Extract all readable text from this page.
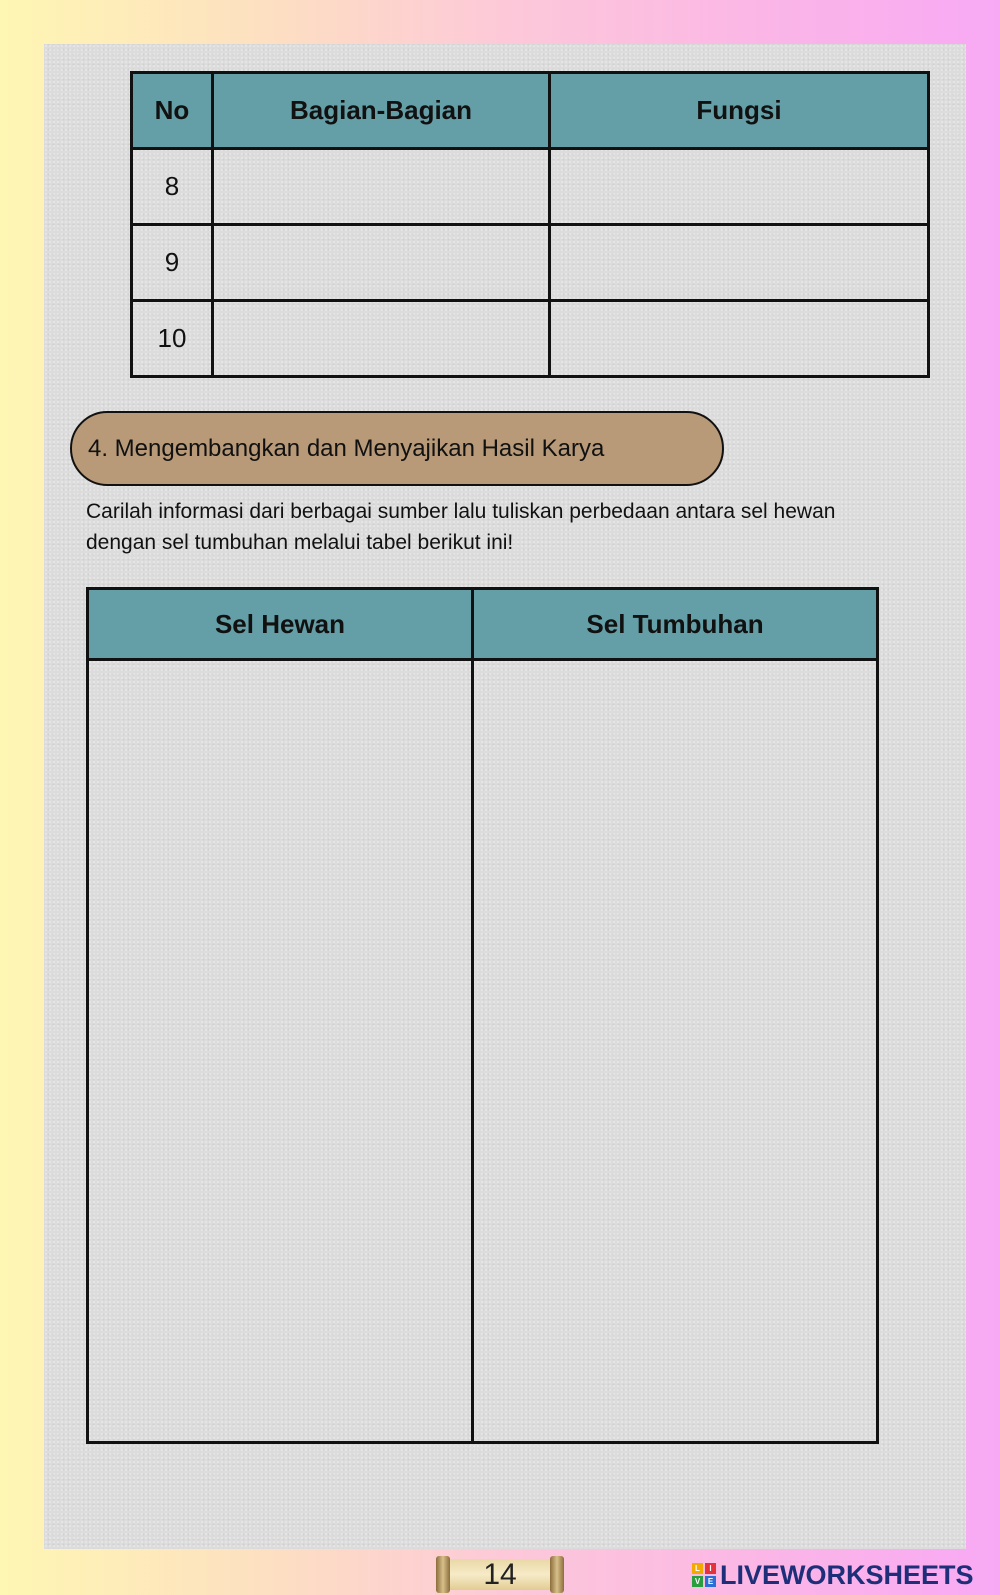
No	Bagian-Bagian	Fungsi
8		
9		
10		
4. Mengembangkan dan Menyajikan Hasil Karya
Carilah informasi dari berbagai sumber lalu tuliskan perbedaan antara sel hewan dengan sel tumbuhan melalui tabel berikut ini!
Sel Hewan	Sel Tumbuhan

14	L	I
V E LIVEWORKSHEETS
